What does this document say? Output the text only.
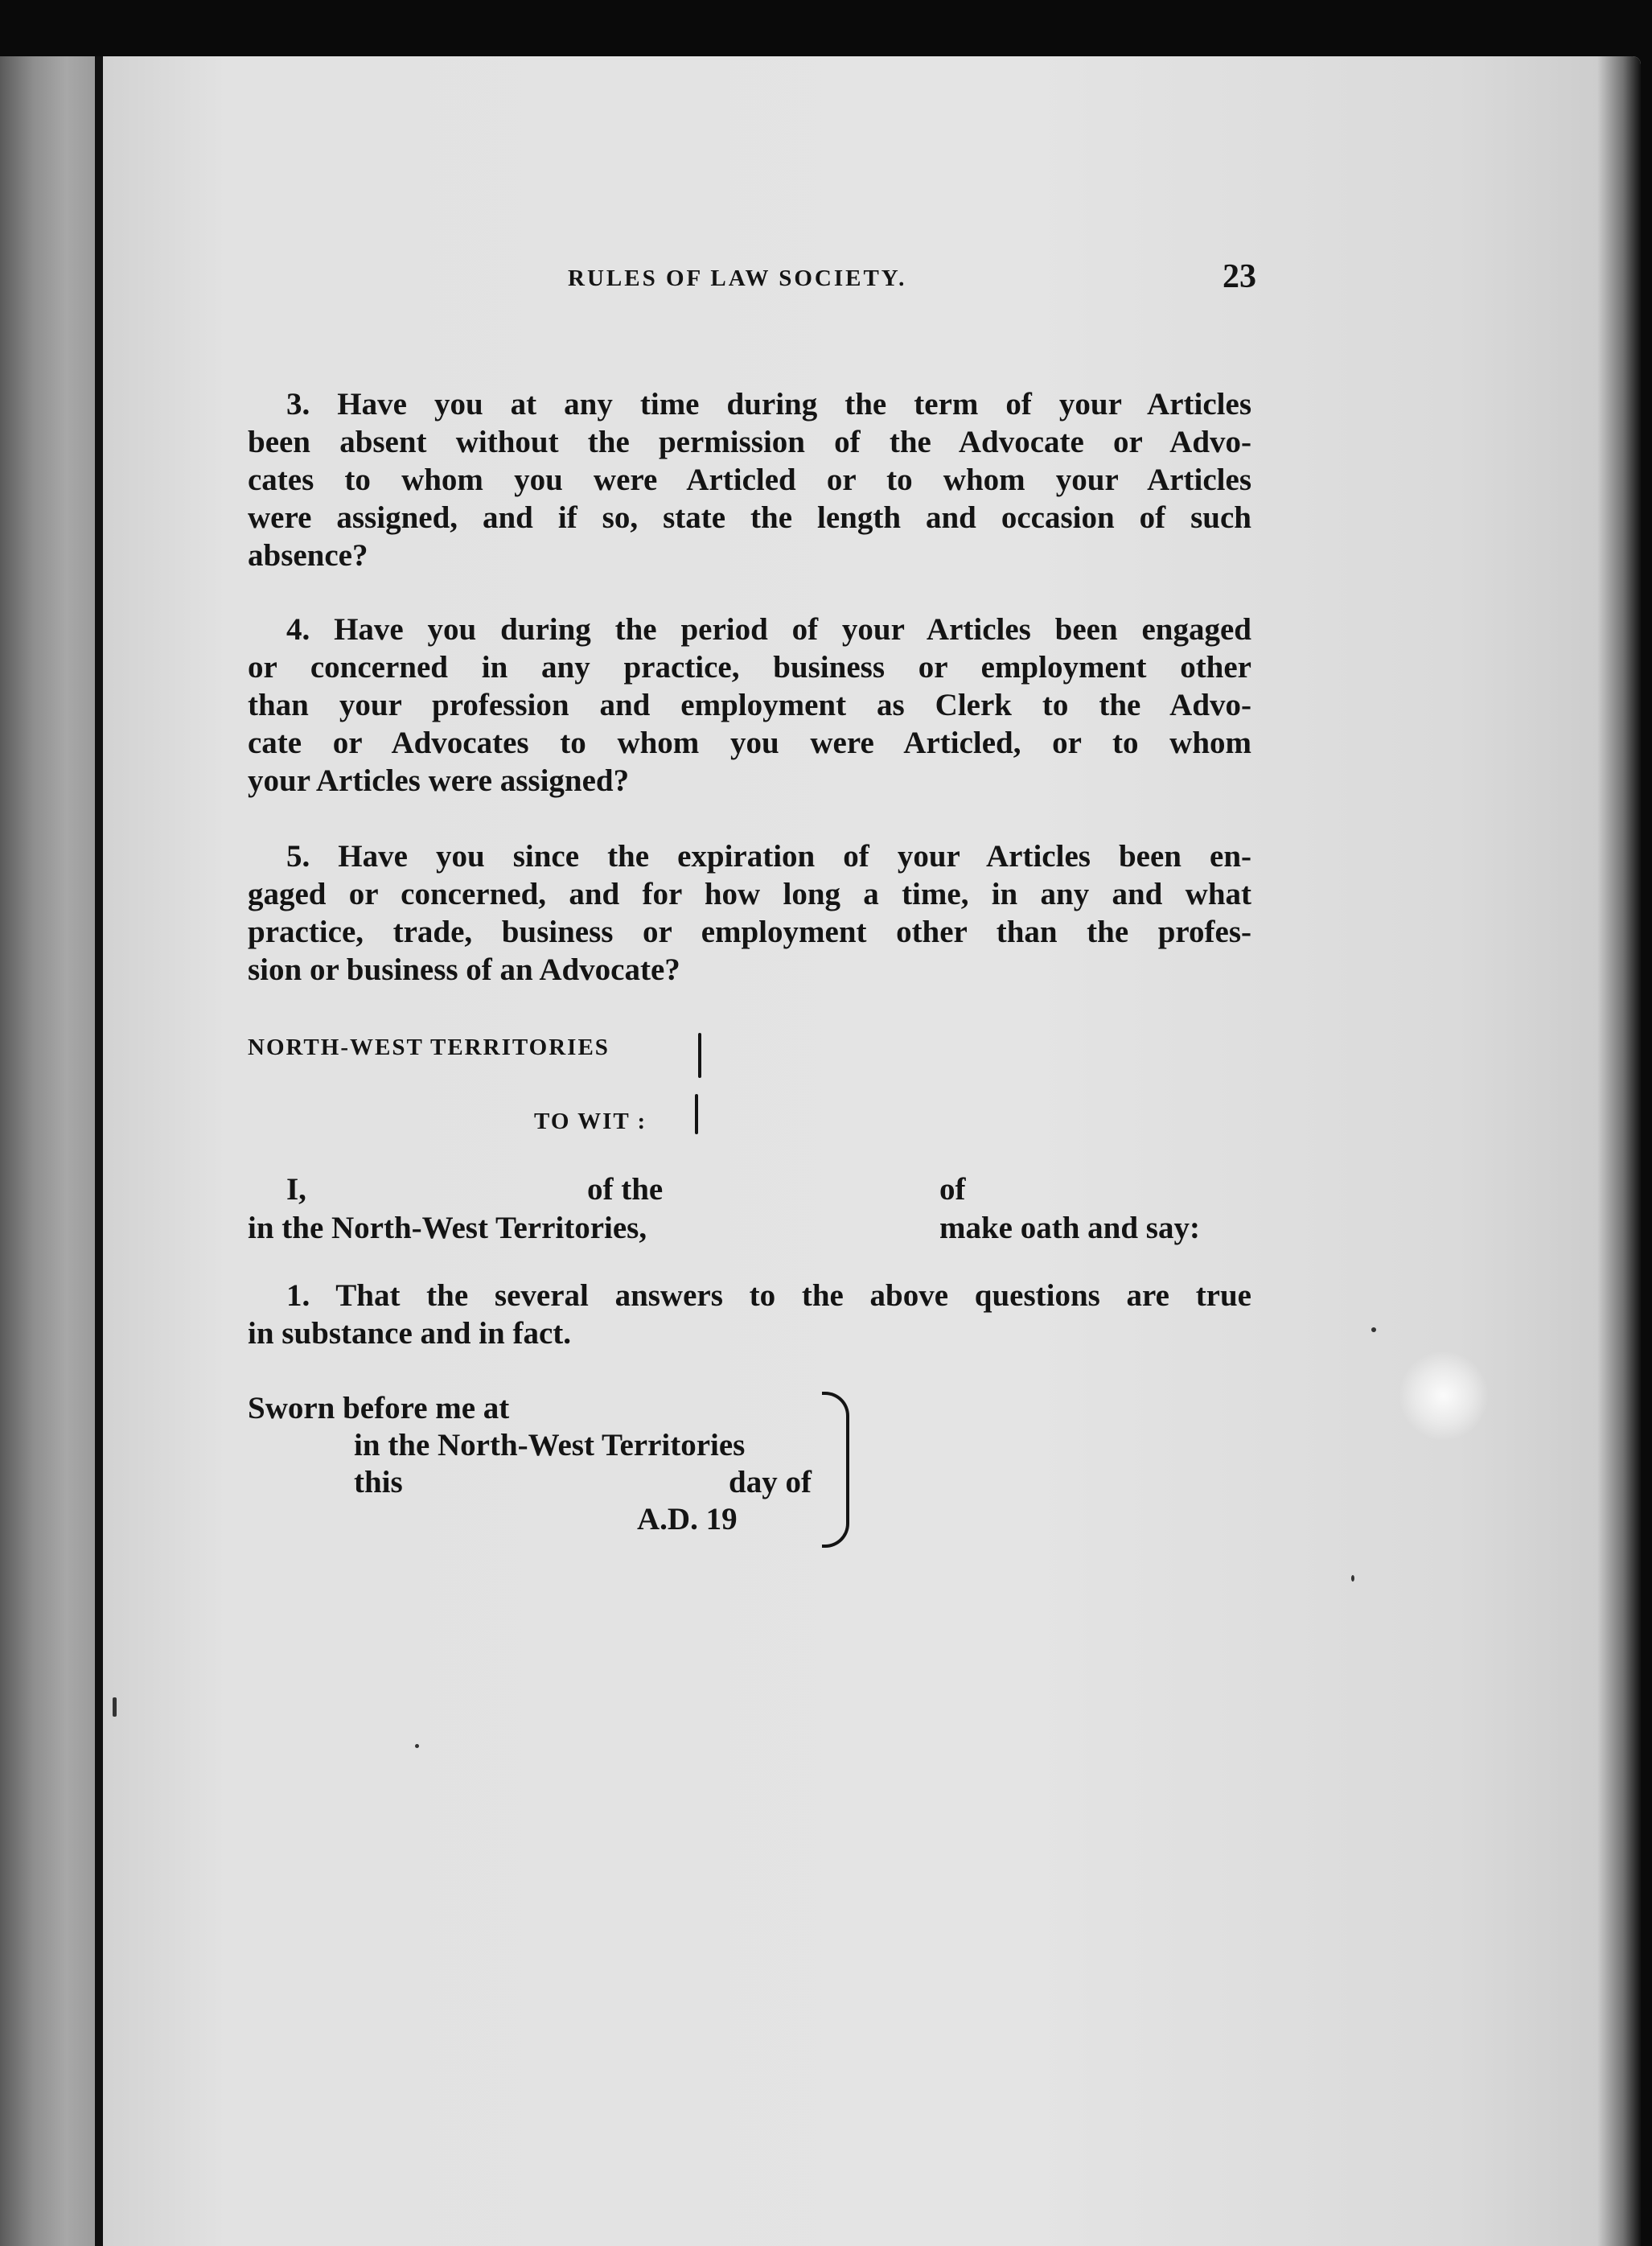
RULES OF LAW SOCIETY.	23
3. Have you at any time during the term of your Articles
been absent without the permission of the Advocate or Advo-
cates to whom you were Articled or to whom your Articles
were assigned, and if so, state the length and occasion of such
absence?
4. Have you during the period of your Articles been engaged
or concerned in any practice, business or employment other
than your profession and employment as Clerk to the Advo-
cate or Advocates to whom you were Articled, or to whom
your Articles were assigned?
5. Have you since the expiration of your Articles been en-
gaged or concerned, and for how long a time, in any and what
practice, trade, business or employment other than the profes-
sion or business of an Advocate?
NORTH-WEST TERRITORIES
TO WIT :
I,	of the	of
in the North-West Territories,	make oath and say:
1. That the several answers to the above questions are true
in substance and in fact.
Sworn before me at
in the North-West Territories
this	day of
A.D. 19
